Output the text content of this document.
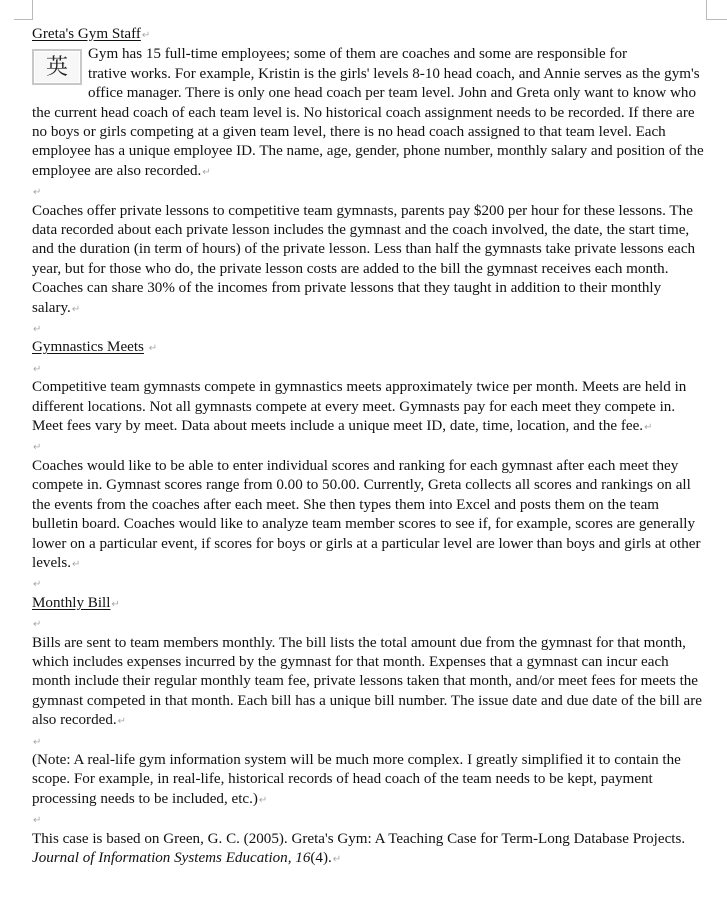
Greta's Gym Staff↵

英
Gym has 15 full-time employees; some of them are coaches and some are responsible for
trative works. For example, Kristin is the girls' levels 8-10 head coach, and Annie serves as the gym's office manager. There is only one head coach per team level. John and Greta only want to know who the current head coach of each team level is. No historical coach assignment needs to be recorded. If there are no boys or girls competing at a given team level, there is no head coach assigned to that team level. Each employee has a unique employee ID. The name, age, gender, phone number, monthly salary and position of the employee are also recorded.↵

↵

Coaches offer private lessons to competitive team gymnasts, parents pay $200 per hour for these lessons. The data recorded about each private lesson includes the gymnast and the coach involved, the date, the start time, and the duration (in term of hours) of the private lesson. Less than half the gymnasts take private lessons each year, but for those who do, the private lesson costs are added to the bill the gymnast receives each month. Coaches can share 30% of the incomes from private lessons that they taught in addition to their monthly salary.↵

↵

Gymnastics Meets ↵

↵

Competitive team gymnasts compete in gymnastics meets approximately twice per month. Meets are held in different locations. Not all gymnasts compete at every meet. Gymnasts pay for each meet they compete in. Meet fees vary by meet. Data about meets include a unique meet ID, date, time, location, and the fee.↵

↵

Coaches would like to be able to enter individual scores and ranking for each gymnast after each meet they compete in. Gymnast scores range from 0.00 to 50.00. Currently, Greta collects all scores and rankings on all the events from the coaches after each meet. She then types them into Excel and posts them on the team bulletin board. Coaches would like to analyze team member scores to see if, for example, scores are generally lower on a particular event, if scores for boys or girls at a particular level are lower than boys and girls at other levels.↵

↵

Monthly Bill↵

↵

Bills are sent to team members monthly. The bill lists the total amount due from the gymnast for that month, which includes expenses incurred by the gymnast for that month. Expenses that a gymnast can incur each month include their regular monthly team fee, private lessons taken that month, and/or meet fees for meets the gymnast competed in that month. Each bill has a unique bill number. The issue date and due date of the bill are also recorded.↵

↵

(Note: A real-life gym information system will be much more complex. I greatly simplified it to contain the scope. For example, in real-life, historical records of head coach of the team needs to be kept, payment processing needs to be included, etc.)↵

↵

This case is based on Green, G. C. (2005). Greta's Gym: A Teaching Case for Term-Long Database Projects. Journal of Information Systems Education, 16(4).↵
